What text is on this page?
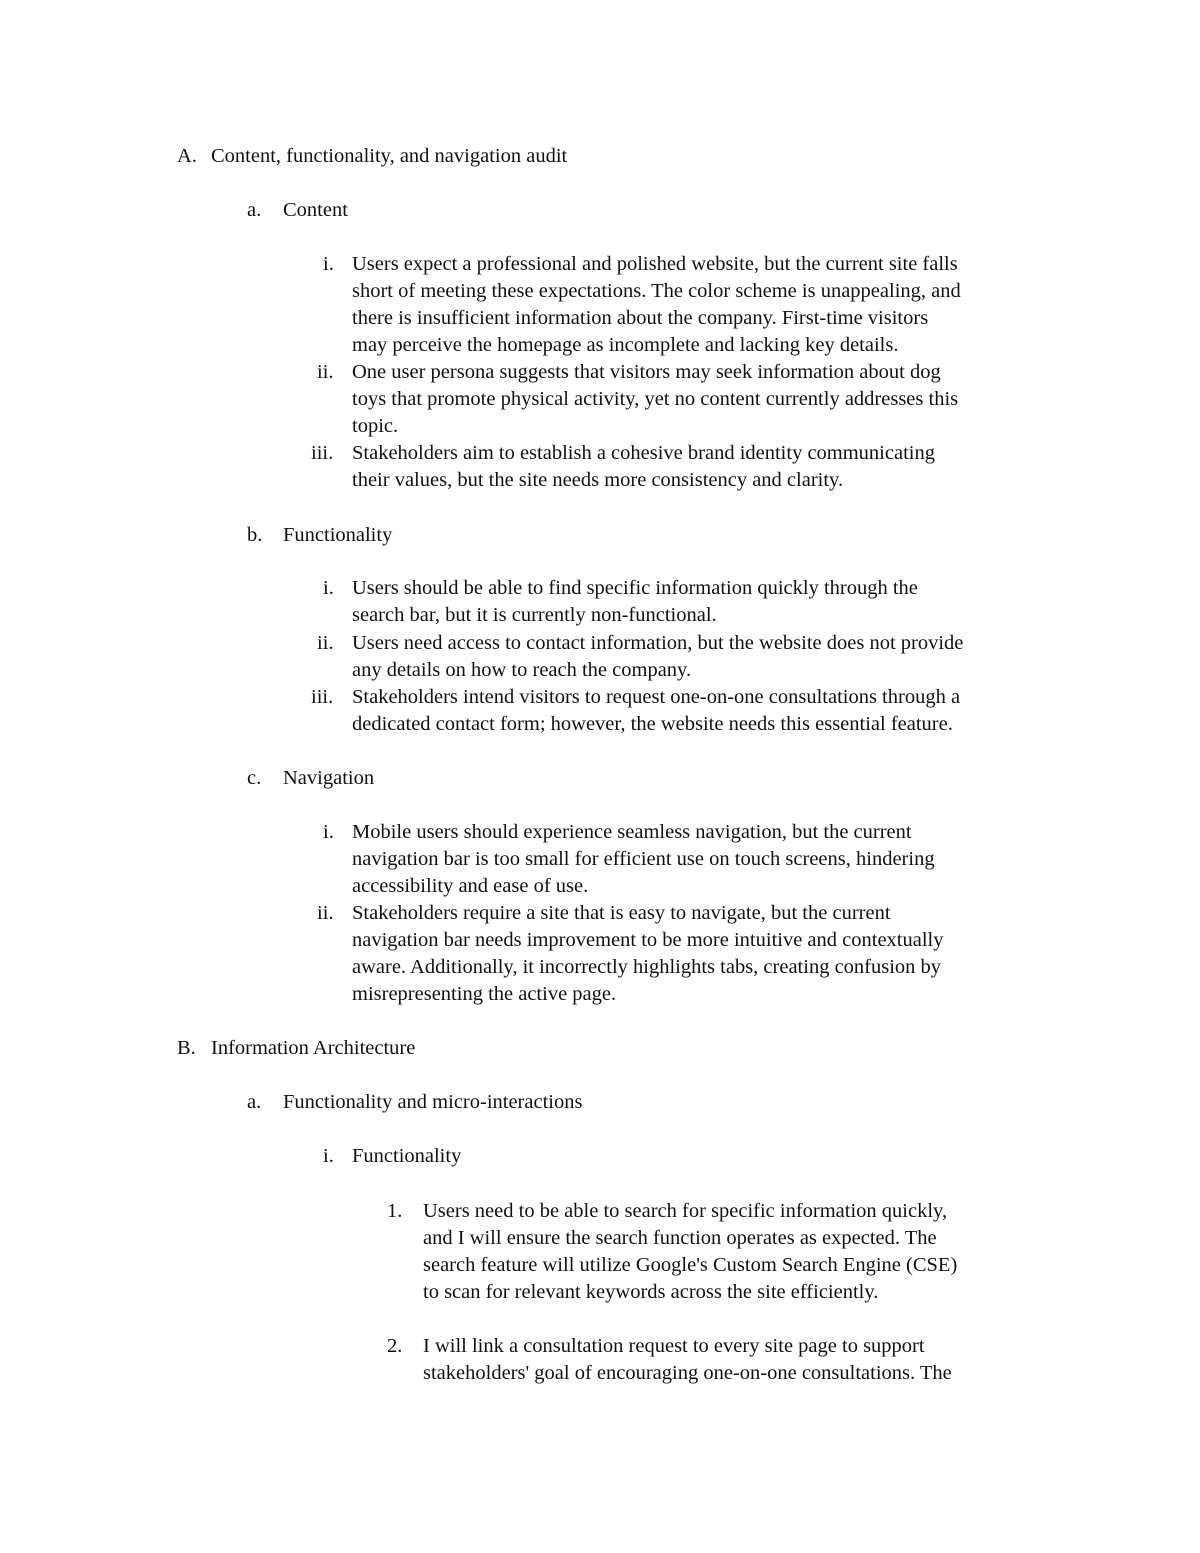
A. Content, functionality, and navigation audit
a. Content
i. Users expect a professional and polished website, but the current site falls
short of meeting these expectations. The color scheme is unappealing, and
there is insufficient information about the company. First-time visitors
may perceive the homepage as incomplete and lacking key details.
ii. One user persona suggests that visitors may seek information about dog
toys that promote physical activity, yet no content currently addresses this
topic.
iii. Stakeholders aim to establish a cohesive brand identity communicating
their values, but the site needs more consistency and clarity.
b. Functionality
i. Users should be able to find specific information quickly through the
search bar, but it is currently non-functional.
ii. Users need access to contact information, but the website does not provide
any details on how to reach the company.
iii. Stakeholders intend visitors to request one-on-one consultations through a
dedicated contact form; however, the website needs this essential feature.
c. Navigation
i. Mobile users should experience seamless navigation, but the current
navigation bar is too small for efficient use on touch screens, hindering
accessibility and ease of use.
ii. Stakeholders require a site that is easy to navigate, but the current
navigation bar needs improvement to be more intuitive and contextually
aware. Additionally, it incorrectly highlights tabs, creating confusion by
misrepresenting the active page.
B. Information Architecture
a. Functionality and micro-interactions
i. Functionality
1. Users need to be able to search for specific information quickly,
and I will ensure the search function operates as expected. The
search feature will utilize Google's Custom Search Engine (CSE)
to scan for relevant keywords across the site efficiently.
2. I will link a consultation request to every site page to support
stakeholders' goal of encouraging one-on-one consultations. The
